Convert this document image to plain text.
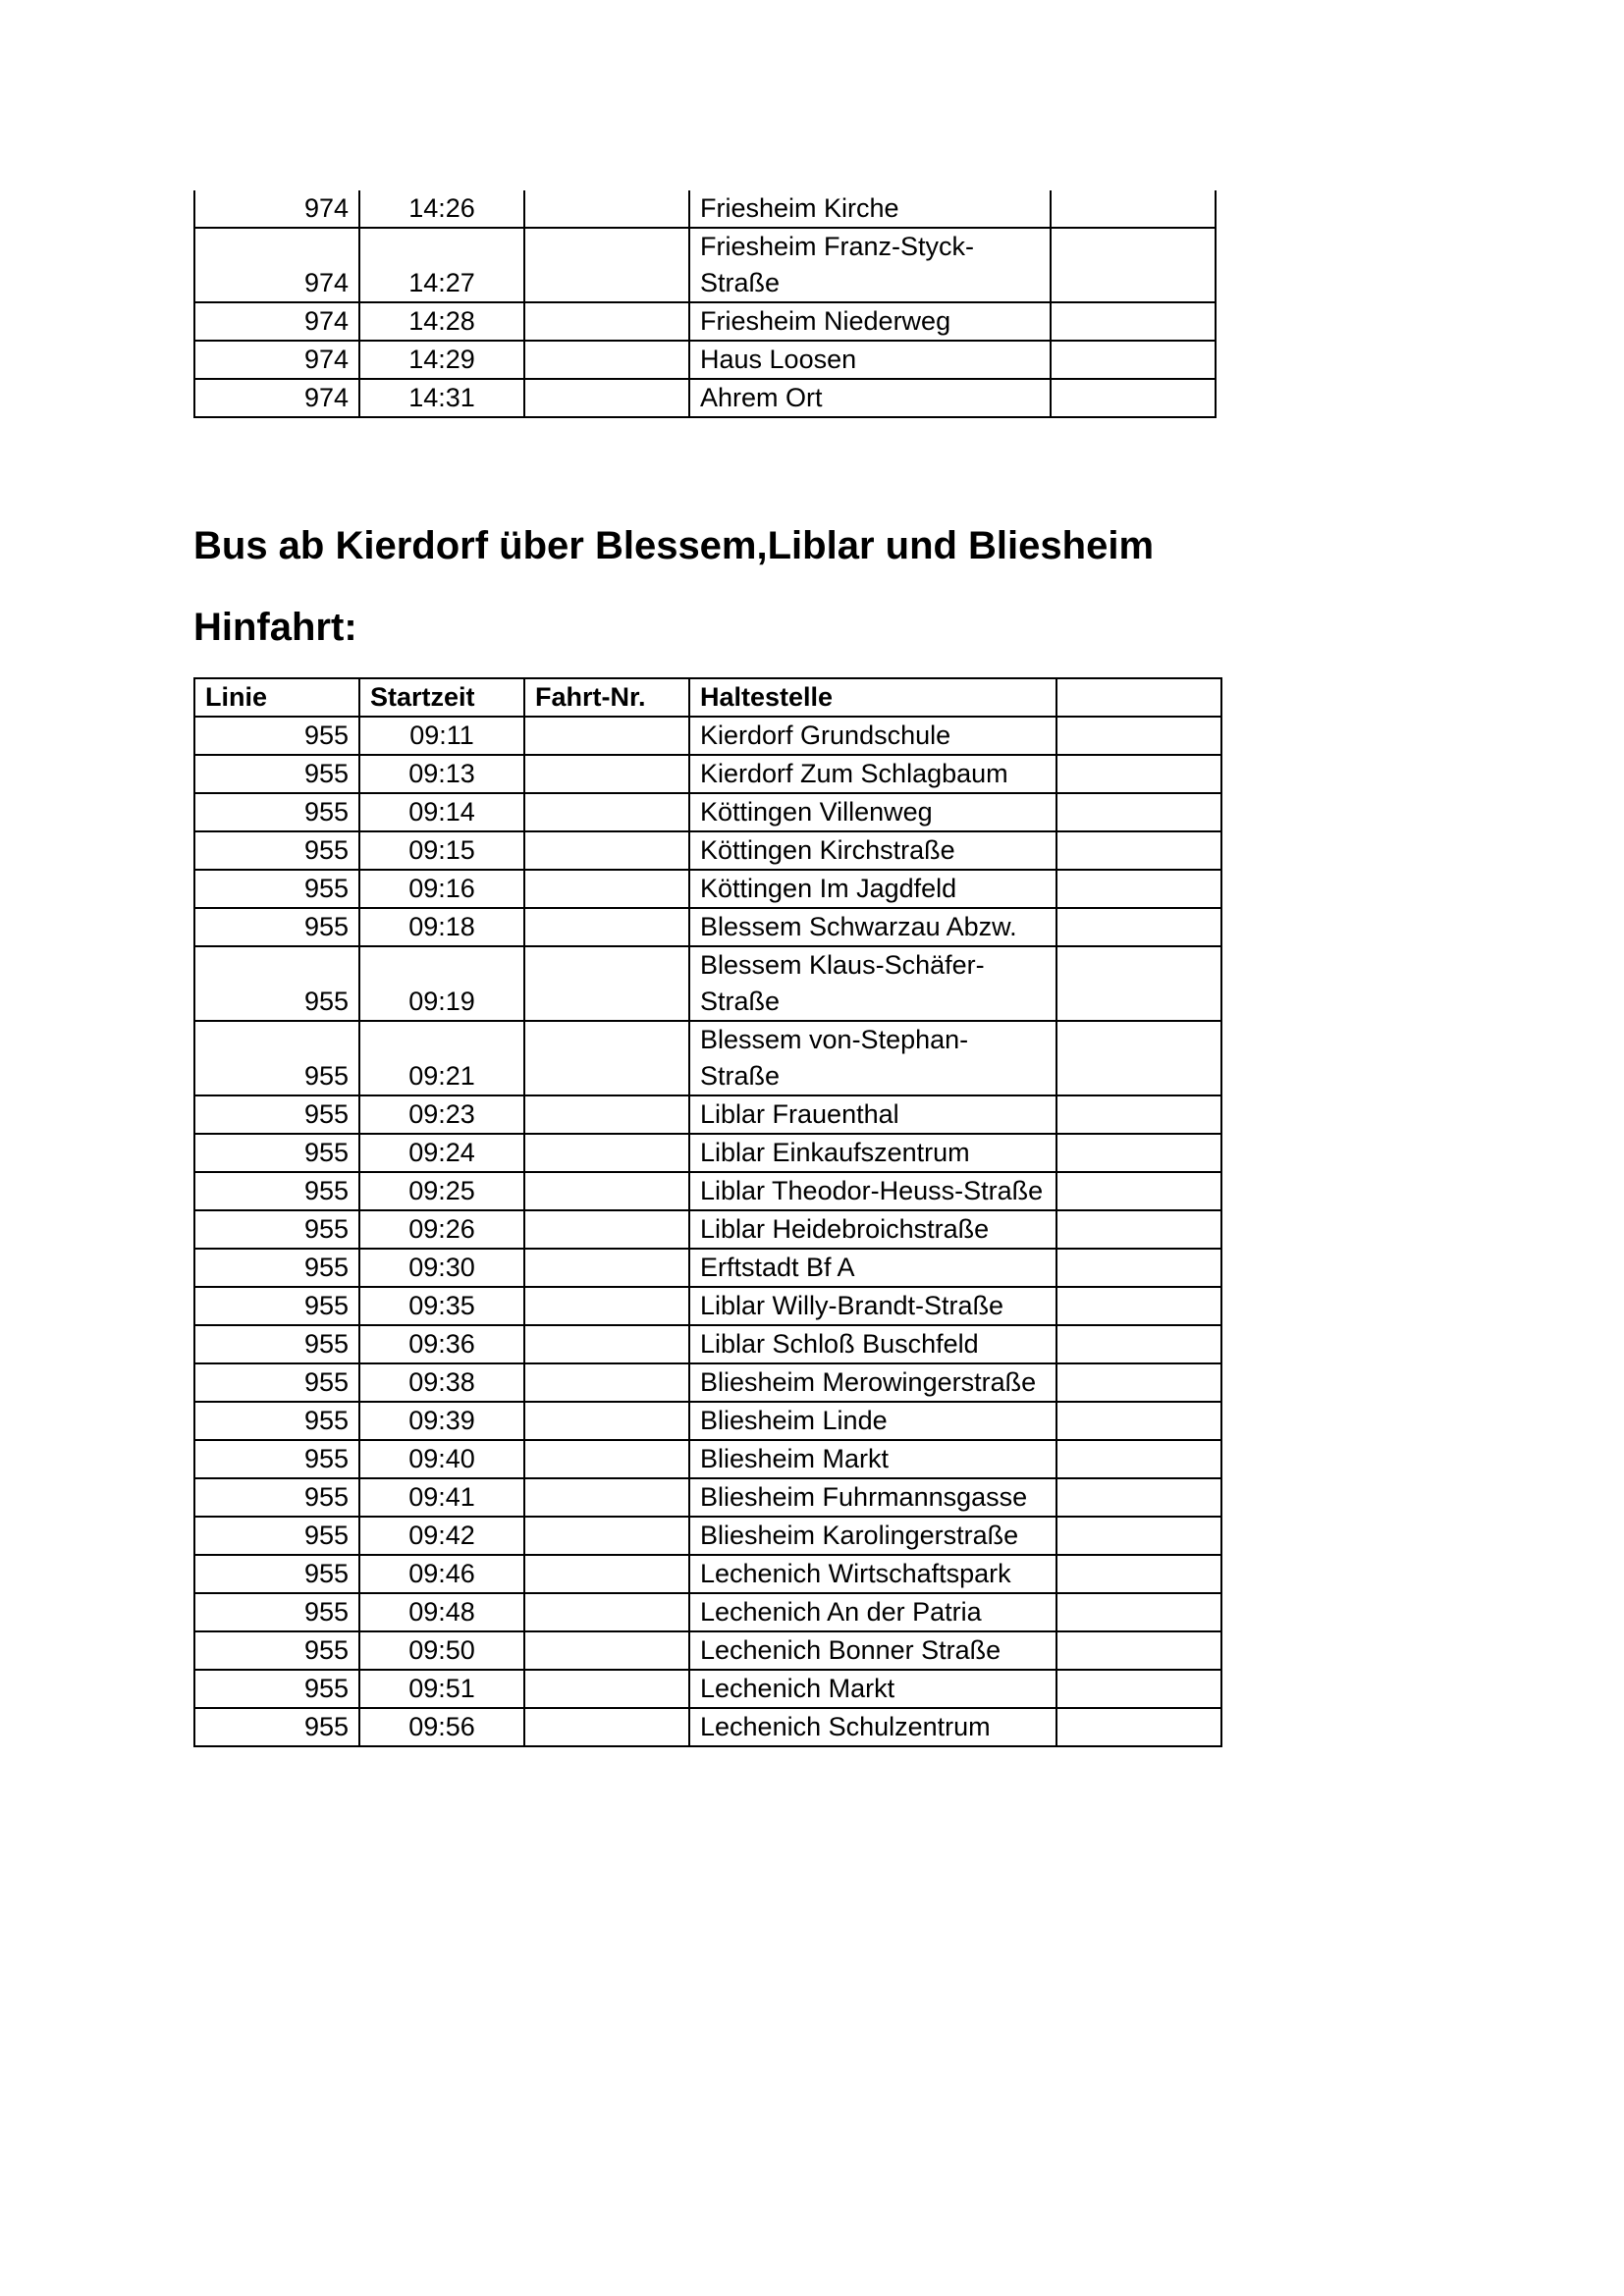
974	14:26		Friesheim Kirche	
974	14:27		Friesheim Franz-Styck-Straße	
974	14:28		Friesheim Niederweg	
974	14:29		Haus Loosen	
974	14:31		Ahrem Ort	
Bus ab Kierdorf über Blessem,Liblar und Bliesheim
Hinfahrt:
Linie	Startzeit	Fahrt-Nr.	Haltestelle	
955	09:11		Kierdorf Grundschule	
955	09:13		Kierdorf Zum Schlagbaum	
955	09:14		Köttingen Villenweg	
955	09:15		Köttingen Kirchstraße	
955	09:16		Köttingen Im Jagdfeld	
955	09:18		Blessem Schwarzau Abzw.	
955	09:19		Blessem Klaus-Schäfer-Straße	
955	09:21		Blessem von-Stephan-Straße	
955	09:23		Liblar Frauenthal	
955	09:24		Liblar Einkaufszentrum	
955	09:25		Liblar Theodor-Heuss-Straße	
955	09:26		Liblar Heidebroichstraße	
955	09:30		Erftstadt Bf A	
955	09:35		Liblar Willy-Brandt-Straße	
955	09:36		Liblar Schloß Buschfeld	
955	09:38		Bliesheim Merowingerstraße	
955	09:39		Bliesheim Linde	
955	09:40		Bliesheim Markt	
955	09:41		Bliesheim Fuhrmannsgasse	
955	09:42		Bliesheim Karolingerstraße	
955	09:46		Lechenich Wirtschaftspark	
955	09:48		Lechenich An der Patria	
955	09:50		Lechenich Bonner Straße	
955	09:51		Lechenich Markt	
955	09:56		Lechenich Schulzentrum	
